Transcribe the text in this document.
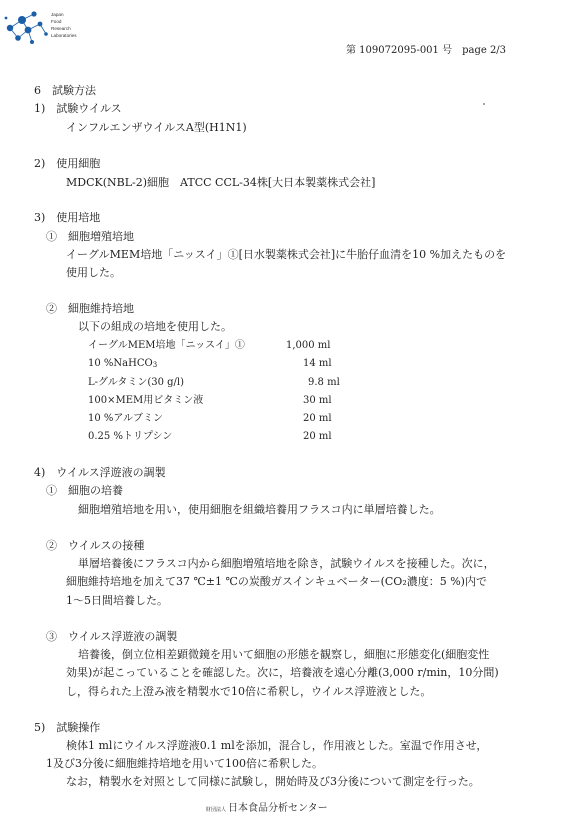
Japan
Food
Research
Laboratories
第 109072095-001 号　page 2/3
6　試験方法
1)　試験ウイルス
インフルエンザウイルスA型(H1N1)
2)　使用細胞
MDCK(NBL-2)細胞　ATCC CCL-34株[大日本製薬株式会社]
3)　使用培地
①　細胞増殖培地
イーグルMEM培地「ニッスイ」①[日水製薬株式会社]に牛胎仔血清を10 %加えたものを
使用した。
②　細胞維持培地
以下の組成の培地を使用した。
イーグルMEM培地「ニッスイ」①	1,000 ml
10 %NaHCO$_3$	14 ml
L-グルタミン(30 g/l)	9.8 ml
100×MEM用ビタミン液	30 ml
10 %アルブミン	20 ml
0.25 %トリプシン	20 ml
4)　ウイルス浮遊液の調製
①　細胞の培養
細胞増殖培地を用い，使用細胞を組織培養用フラスコ内に単層培養した。
②　ウイルスの接種
単層培養後にフラスコ内から細胞増殖培地を除き，試験ウイルスを接種した。次に，
細胞維持培地を加えて37 ℃±1 ℃の炭酸ガスインキュベーター(CO₂濃度：5 %)内で
1～5日間培養した。
③　ウイルス浮遊液の調製
培養後，倒立位相差顕微鏡を用いて細胞の形態を観察し，細胞に形態変化(細胞変性
効果)が起こっていることを確認した。次に，培養液を遠心分離(3,000 r/min，10分間)
し，得られた上澄み液を精製水で10倍に希釈し，ウイルス浮遊液とした。
5)　試験操作
検体1 mlにウイルス浮遊液0.1 mlを添加，混合し，作用液とした。室温で作用させ，
1及び3分後に細胞維持培地を用いて100倍に希釈した。
なお，精製水を対照として同様に試験し，開始時及び3分後について測定を行った。
財団法人 日本食品分析センター
